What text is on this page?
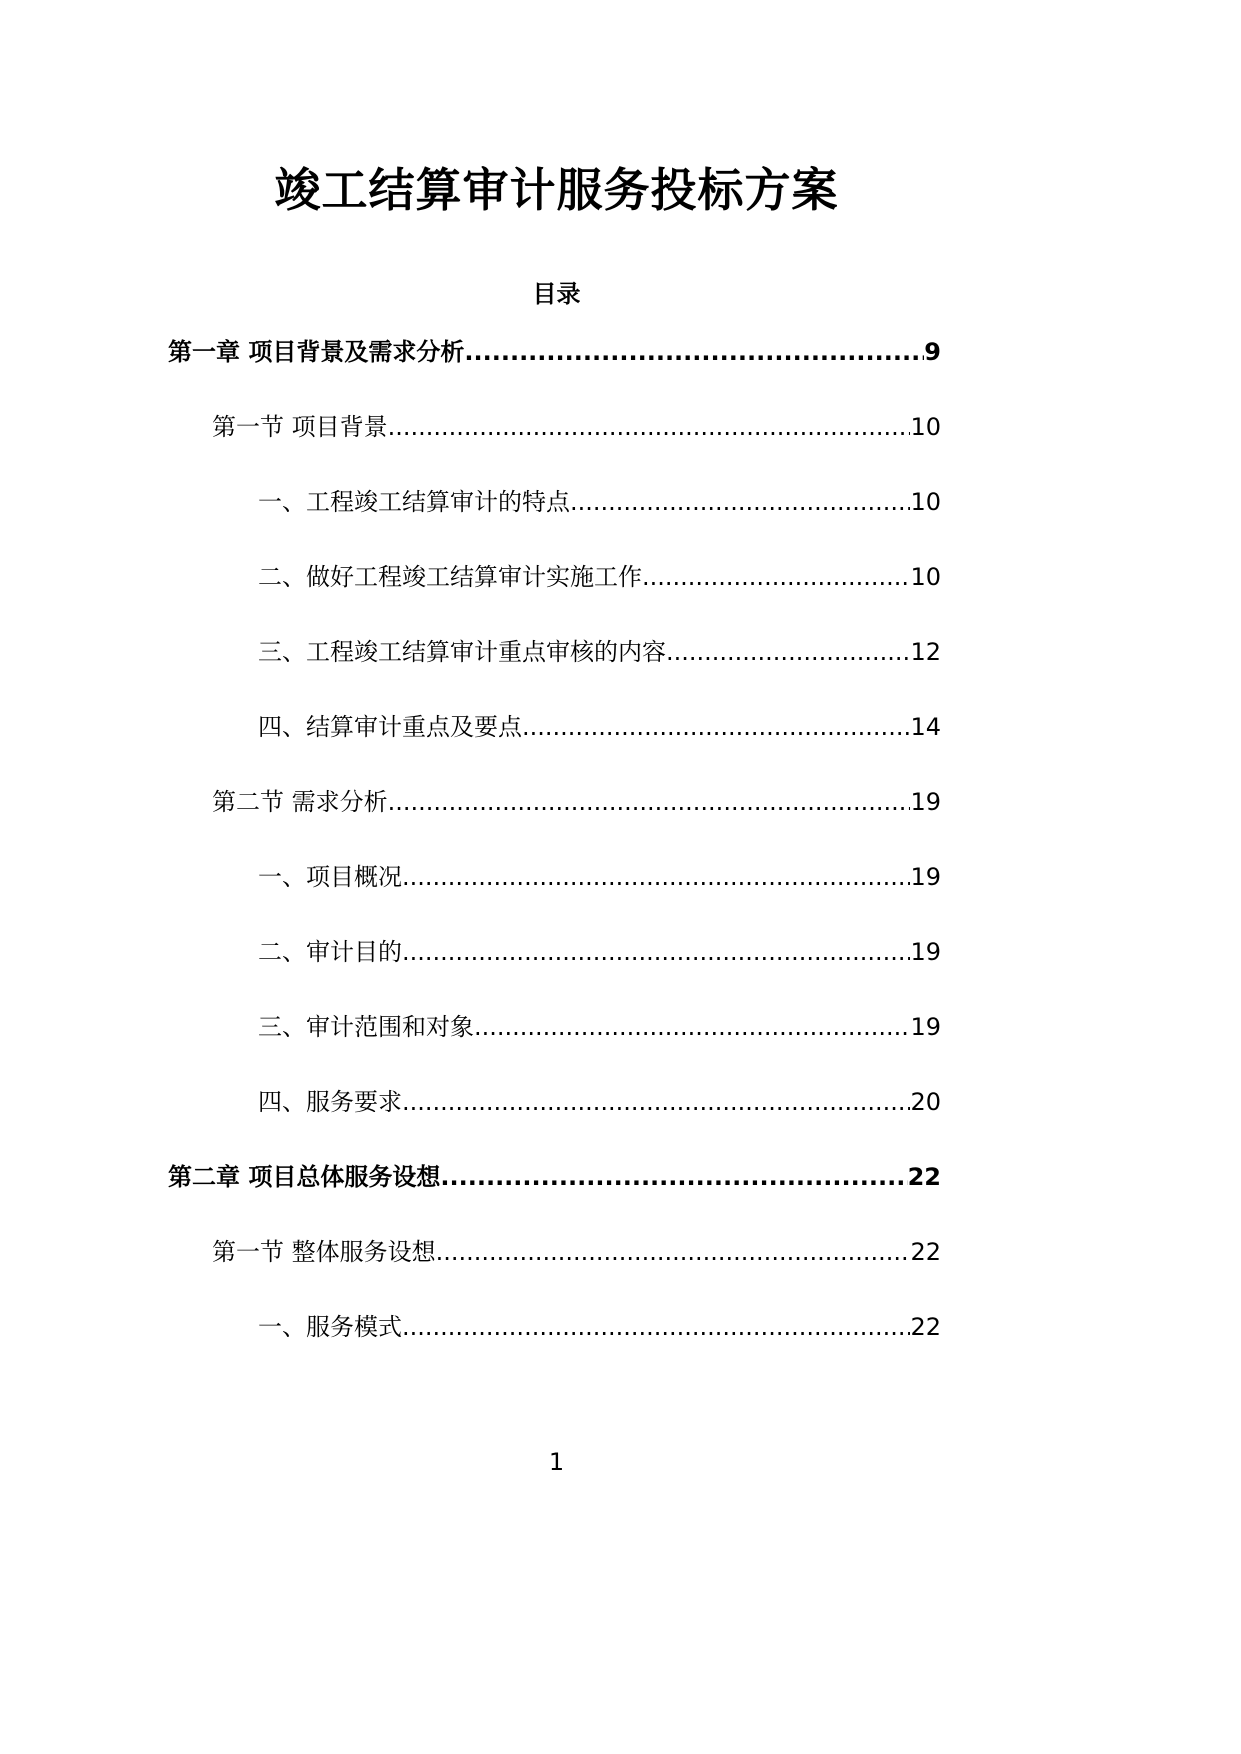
竣工结算审计服务投标方案
目录
第一章 项目背景及需求分析 .....	9
第一节 项目背景 .....	10
一、工程竣工结算审计的特点 .....	10
二、做好工程竣工结算审计实施工作 .....	10
三、工程竣工结算审计重点审核的内容 .....	12
四、结算审计重点及要点 .....	14
第二节 需求分析 .....	19
一、项目概况 .....	19
二、审计目的 .....	19
三、审计范围和对象 .....	19
四、服务要求 .....	20
第二章 项目总体服务设想 .....	22
第一节 整体服务设想 .....	22
一、服务模式 .....	22
1
